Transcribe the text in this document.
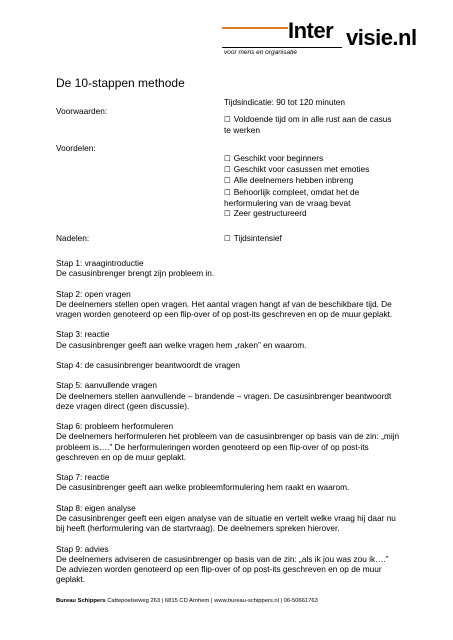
Inter visie.nl
voor mens en organisatie
De 10-stappen methode
Tijdsindicatie: 90 tot 120 minuten
Voorwaarden:
☐ Voldoende tijd om in alle rust aan de casus te werken
Voordelen:
☐ Geschikt voor beginners
☐ Geschikt voor casussen met emoties
☐ Alle deelnemers hebben inbreng
☐ Behoorlijk compleet, omdat het de herformulering van de vraag bevat
☐ Zeer gestructureerd
Nadelen:	☐ Tijdsintensief

Stap 1: vraagintroductie

De casusinbrenger brengt zijn probleem in.

Stap 2: open vragen

De deelnemers stellen open vragen. Het aantal vragen hangt af van de beschikbare tijd. De vragen worden genoteerd op een flip-over of op post-its geschreven en op de muur geplakt.

Stap 3: reactie

De casusinbrenger geeft aan welke vragen hem „raken” en waarom.

Stap 4: de casusinbrenger beantwoordt de vragen

Stap 5: aanvullende vragen

De deelnemers stellen aanvullende – brandende – vragen. De casusinbrenger beantwoordt deze vragen direct (geen discussie).

Stap 6: probleem herformuleren

De deelnemers herformuleren het probleem van de casusinbrenger op basis van de zin: „mijn probleem is….” De herformuleringen worden genoteerd op een flip-over of op post-its geschreven en op de muur geplakt.

Stap 7: reactie

De casusinbrenger geeft aan welke probleemformulering hem raakt en waarom.

Stap 8: eigen analyse

De casusinbrenger geeft een eigen analyse van de situatie en vertelt welke vraag hij daar nu bij heeft (herformulering van de startvraag). De deelnemers spreken hierover.

Stap 9: advies

De deelnemers adviseren de casusinbrenger op basis van de zin: „als ik jou was zou ik….” De adviezen worden genoteerd op een flip-over of op post-its geschreven en op de muur geplakt.

Bureau Schippers Cattepoelseweg 263 | 6815 CD Arnhem | www.bureau-schippers.nl | 06-50661763
